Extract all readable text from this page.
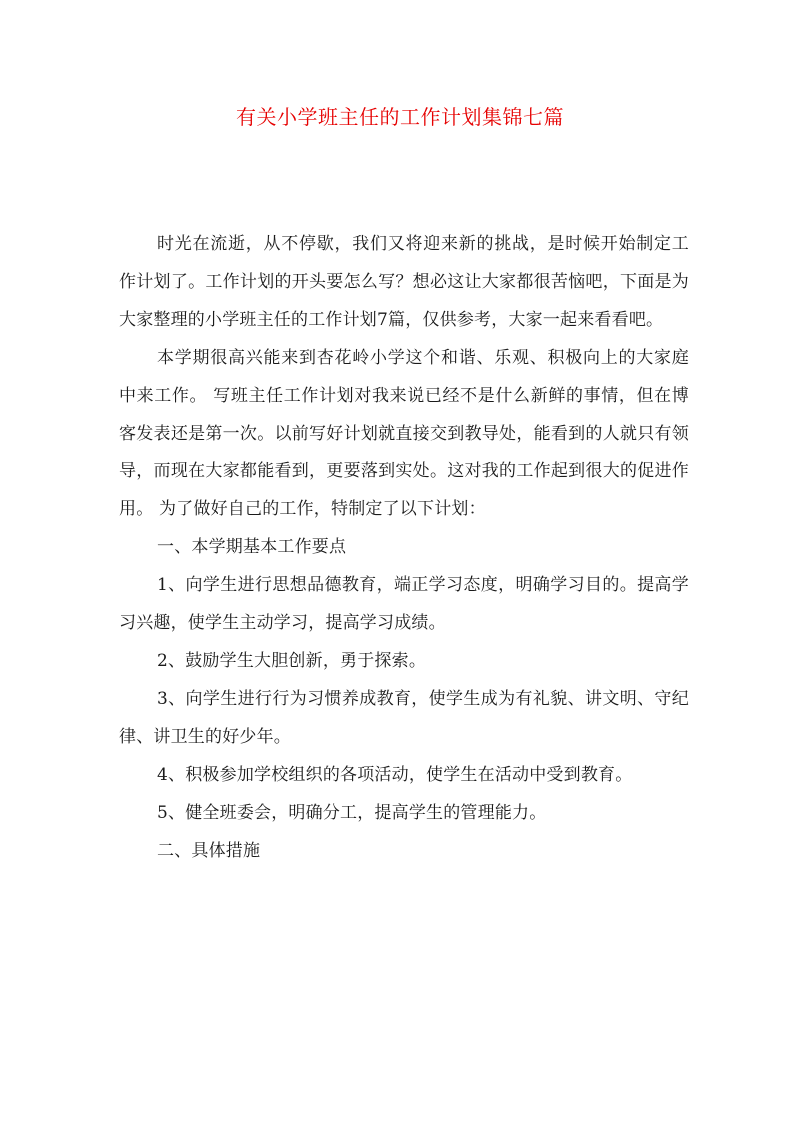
有关小学班主任的工作计划集锦七篇

时光在流逝，从不停歇，我们又将迎来新的挑战，是时候开始制定工作计划了。工作计划的开头要怎么写？想必这让大家都很苦恼吧，下面是为大家整理的小学班主任的工作计划7篇，仅供参考，大家一起来看看吧。

本学期很高兴能来到杏花岭小学这个和谐、乐观、积极向上的大家庭中来工作。 写班主任工作计划对我来说已经不是什么新鲜的事情，但在博客发表还是第一次。以前写好计划就直接交到教导处，能看到的人就只有领导，而现在大家都能看到，更要落到实处。这对我的工作起到很大的促进作用。 为了做好自己的工作，特制定了以下计划：

一、本学期基本工作要点

1、向学生进行思想品德教育，端正学习态度，明确学习目的。提高学习兴趣，使学生主动学习，提高学习成绩。

2、鼓励学生大胆创新，勇于探索。

3、向学生进行行为习惯养成教育，使学生成为有礼貌、讲文明、守纪律、讲卫生的好少年。

4、积极参加学校组织的各项活动，使学生在活动中受到教育。

5、健全班委会，明确分工，提高学生的管理能力。

二、具体措施
